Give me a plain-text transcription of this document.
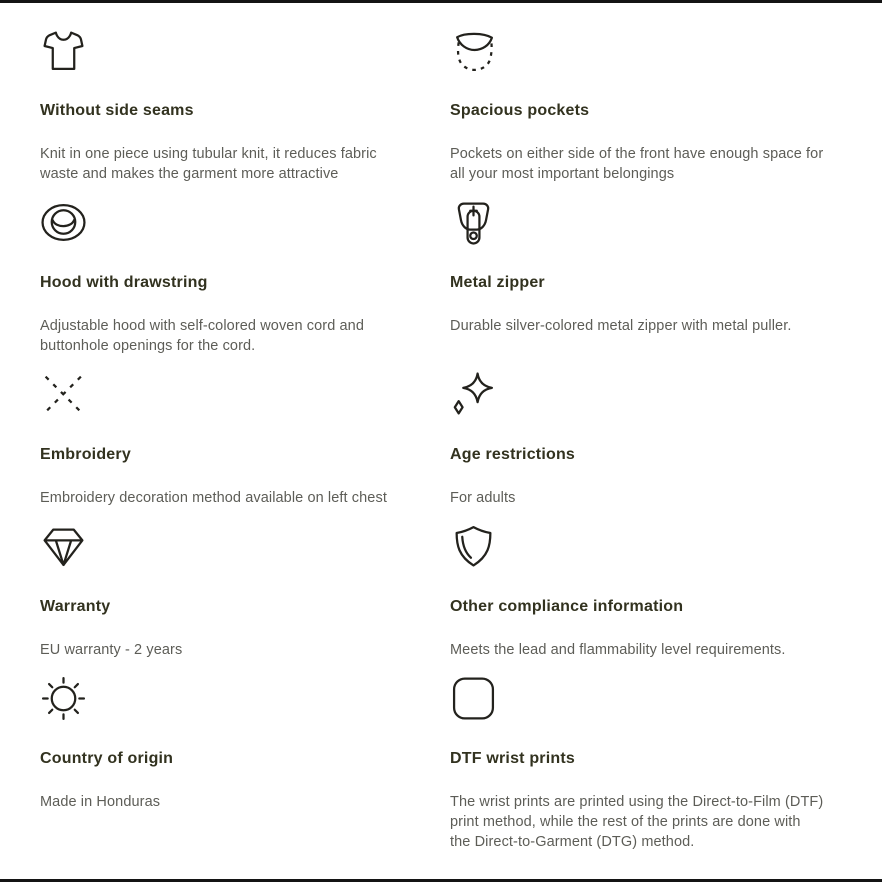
Without side seams

Knit in one piece using tubular knit, it reduces fabric waste and makes the garment more attractive

Spacious pockets

Pockets on either side of the front have enough space for all your most important belongings

Hood with drawstring

Adjustable hood with self-colored woven cord and buttonhole openings for the cord.

Metal zipper

Durable silver-colored metal zipper with metal puller.

Embroidery

Embroidery decoration method available on left chest

Age restrictions

For adults

Warranty

EU warranty - 2 years

Other compliance information

Meets the lead and flammability level requirements.

Country of origin

Made in Honduras

DTF wrist prints

The wrist prints are printed using the Direct-to-Film (DTF) print method, while the rest of the prints are done with the Direct-to-Garment (DTG) method.
